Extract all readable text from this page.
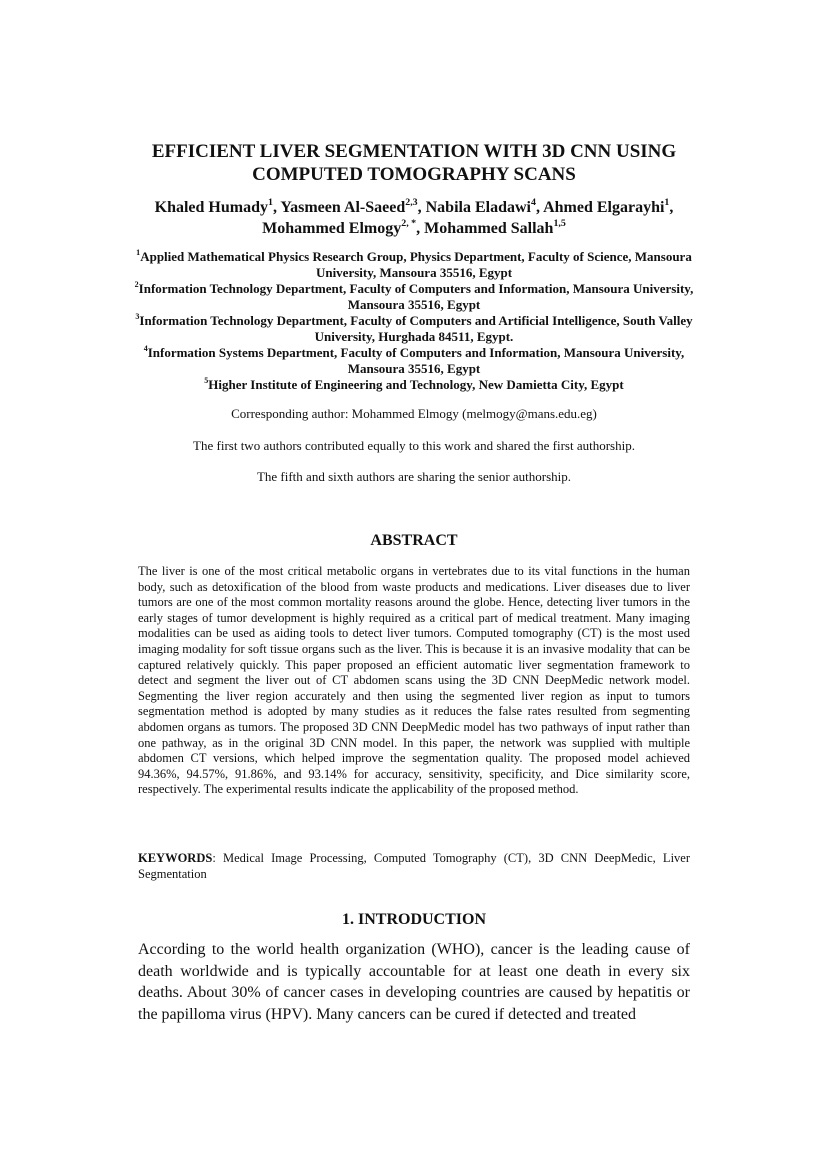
EFFICIENT LIVER SEGMENTATION WITH 3D CNN USING
COMPUTED TOMOGRAPHY SCANS
Khaled Humady$^1$, Yasmeen Al-Saeed$^{2,3}$, Nabila Eladawi$^4$, Ahmed Elgarayhi$^1$,
Mohammed Elmogy$^{2, *}$, Mohammed Sallah$^{1,5}$

$^1$Applied Mathematical Physics Research Group, Physics Department, Faculty of Science, Mansoura University, Mansoura 35516, Egypt

$^2$Information Technology Department, Faculty of Computers and Information, Mansoura University, Mansoura 35516, Egypt

$^3$Information Technology Department, Faculty of Computers and Artificial Intelligence, South Valley University, Hurghada 84511, Egypt.

$^4$Information Systems Department, Faculty of Computers and Information, Mansoura University, Mansoura 35516, Egypt

$^5$Higher Institute of Engineering and Technology, New Damietta City, Egypt

Corresponding author: Mohammed Elmogy (melmogy@mans.edu.eg)
The first two authors contributed equally to this work and shared the first authorship.
The fifth and sixth authors are sharing the senior authorship.
ABSTRACT

The liver is one of the most critical metabolic organs in vertebrates due to its vital functions in the human body, such as detoxification of the blood from waste products and medications. Liver diseases due to liver tumors are one of the most common mortality reasons around the globe. Hence, detecting liver tumors in the early stages of tumor development is highly required as a critical part of medical treatment. Many imaging modalities can be used as aiding tools to detect liver tumors. Computed tomography (CT) is the most used imaging modality for soft tissue organs such as the liver. This is because it is an invasive modality that can be captured relatively quickly. This paper proposed an efficient automatic liver segmentation framework to detect and segment the liver out of CT abdomen scans using the 3D CNN DeepMedic network model. Segmenting the liver region accurately and then using the segmented liver region as input to tumors segmentation method is adopted by many studies as it reduces the false rates resulted from segmenting abdomen organs as tumors. The proposed 3D CNN DeepMedic model has two pathways of input rather than one pathway, as in the original 3D CNN model. In this paper, the network was supplied with multiple abdomen CT versions, which helped improve the segmentation quality. The proposed model achieved 94.36%, 94.57%, 91.86%, and 93.14% for accuracy, sensitivity, specificity, and Dice similarity score, respectively. The experimental results indicate the applicability of the proposed method.

KEYWORDS: Medical Image Processing, Computed Tomography (CT), 3D CNN DeepMedic, Liver Segmentation

1. INTRODUCTION

According to the world health organization (WHO), cancer is the leading cause of death worldwide and is typically accountable for at least one death in every six deaths. About 30% of cancer cases in developing countries are caused by hepatitis or the papilloma virus (HPV). Many cancers can be cured if detected and treated
